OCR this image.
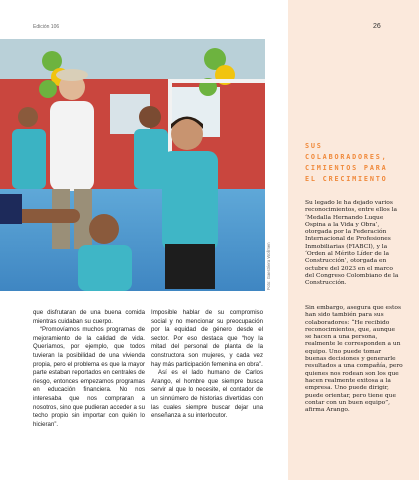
Edición 106	26
Foto: Gaestriera Wollmen

que disfrutaran de una buena comida mientras cuidaban su cuerpo.

“Promovíamos muchos programas de mejoramiento de la calidad de vida. Queríamos, por ejemplo, que todos tuvieran la posibilidad de una vivienda propia, pero el problema es que la mayor parte estaban reportados en centrales de riesgo, entonces empezamos programas en educación financiera. No nos interesaba que nos compraran a nosotros, sino que pudieran acceder a su techo propio sin importar con quién lo hicieran”.

Imposible hablar de su compromiso social y no mencionar su preocupación por la equidad de género desde el sector. Por eso destaca que “hoy la mitad del personal de planta de la constructora son mujeres, y cada vez hay más participación femenina en obra”.

Así es el lado humano de Carlos Arango, el hombre que siempre busca servir al que lo necesite, el contador de un sinnúmero de historias divertidas con las cuales siempre buscar dejar una enseñanza a su interlocutor.

SUS COLABORADORES, CIMIENTOS PARA EL CRECIMIENTO
Su legado le ha dejado varios reconocimientos, entre ellos la ‘Medalla Hernando Luque Ospina a la Vida y Obra’, otorgada por la Federación Internacional de Profesiones Inmobiliarias (FIABCI), y la ‘Orden al Mérito Líder de la Construcción’, otorgada en octubre del 2023 en el marco del Congreso Colombiano de la Construcción.
Sin embargo, asegura que estos han sido también para sus colaboradores: “He recibido reconocimientos, que, aunque se hacen a una persona, realmente le corresponden a un equipo. Uno puede tomar buenas decisiones y generarle resultados a una compañía, pero quienes nos rodean son los que hacen realmente exitosa a la empresa. Uno puede dirigir, puede orientar, pero tiene que contar con un buen equipo”, afirma Arango.
